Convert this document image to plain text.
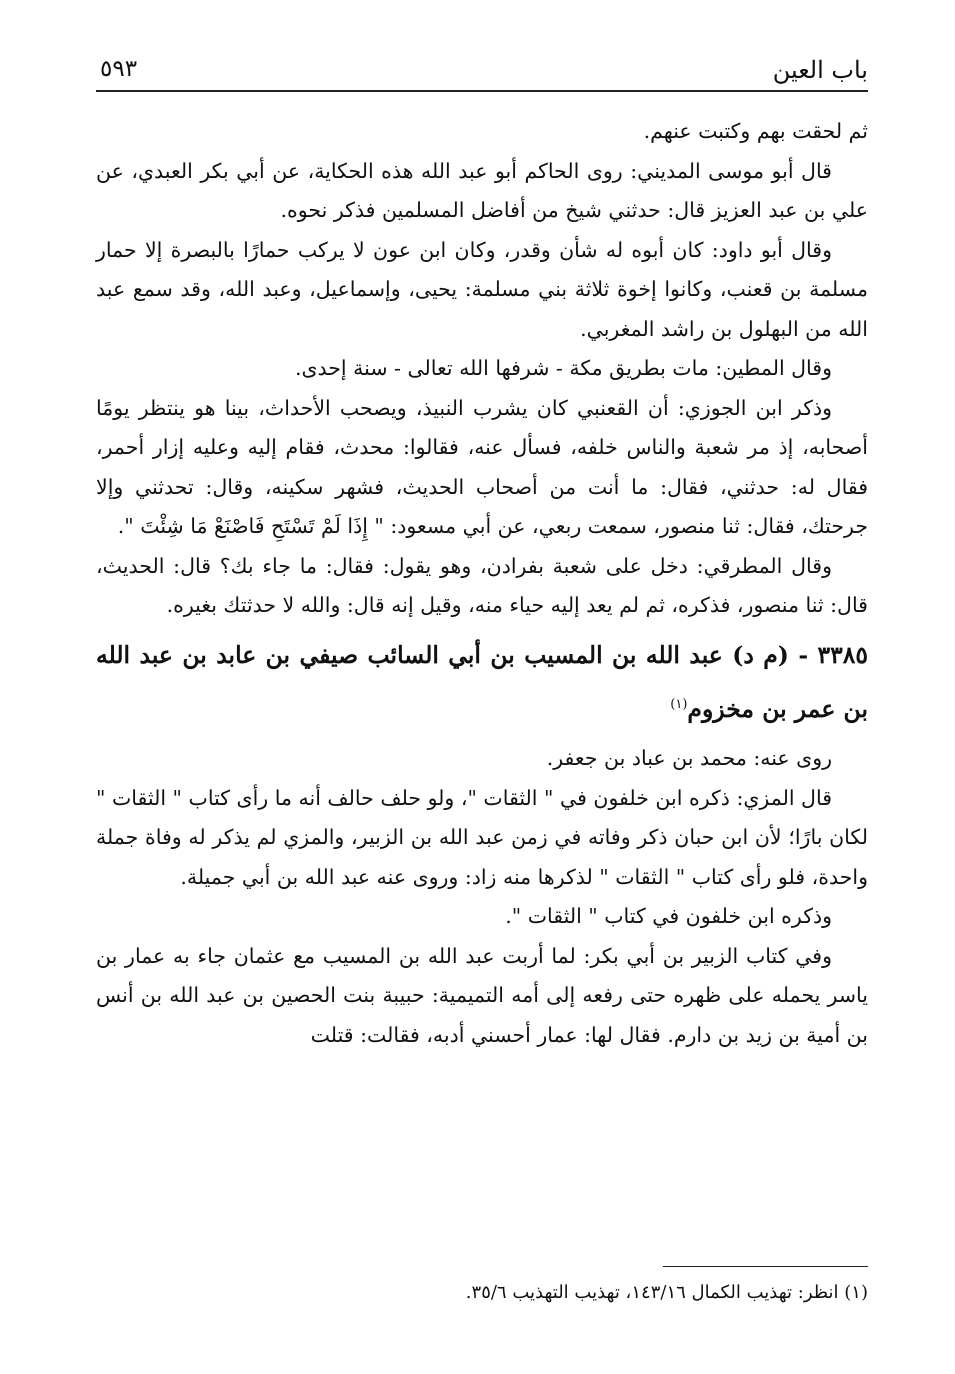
باب العين
٥٩٣

ثم لحقت بهم وكتبت عنهم.

قال أبو موسى المديني: روى الحاكم أبو عبد الله هذه الحكاية، عن أبي بكر العبدي، عن علي بن عبد العزيز قال: حدثني شيخ من أفاضل المسلمين فذكر نحوه.

وقال أبو داود: كان أبوه له شأن وقدر، وكان ابن عون لا يركب حمارًا بالبصرة إلا حمار مسلمة بن قعنب، وكانوا إخوة ثلاثة بني مسلمة: يحيى، وإسماعيل، وعبد الله، وقد سمع عبد الله من البهلول بن راشد المغربي.

وقال المطين: مات بطريق مكة - شرفها الله تعالى - سنة إحدى.

وذكر ابن الجوزي: أن القعنبي كان يشرب النبيذ، ويصحب الأحداث، بينا هو ينتظر يومًا أصحابه، إذ مر شعبة والناس خلفه، فسأل عنه، فقالوا: محدث، فقام إليه وعليه إزار أحمر، فقال له: حدثني، فقال: ما أنت من أصحاب الحديث، فشهر سكينه، وقال: تحدثني وإلا جرحتك، فقال: ثنا منصور، سمعت ربعي، عن أبي مسعود: " إِذَا لَمْ تَسْتَحِ فَاصْنَعْ مَا شِئْتَ ".

وقال المطرقي: دخل على شعبة بفرادن، وهو يقول: فقال: ما جاء بك؟ قال: الحديث، قال: ثنا منصور، فذكره، ثم لم يعد إليه حياء منه، وقيل إنه قال: والله لا حدثتك بغيره.

٣٣٨٥ - (م د) عبد الله بن المسيب بن أبي السائب صيفي بن عابد بن عبد الله بن عمر بن مخزوم$^{(١)}$

روى عنه: محمد بن عباد بن جعفر.

قال المزي: ذكره ابن خلفون في " الثقات "، ولو حلف حالف أنه ما رأى كتاب " الثقات " لكان بارًا؛ لأن ابن حبان ذكر وفاته في زمن عبد الله بن الزبير، والمزي لم يذكر له وفاة جملة واحدة، فلو رأى كتاب " الثقات " لذكرها منه زاد: وروى عنه عبد الله بن أبي جميلة.

وذكره ابن خلفون في كتاب " الثقات ".

وفي كتاب الزبير بن أبي بكر: لما أربت عبد الله بن المسيب مع عثمان جاء به عمار بن ياسر يحمله على ظهره حتى رفعه إلى أمه التميمية: حبيبة بنت الحصين بن عبد الله بن أنس بن أمية بن زيد بن دارم. فقال لها: عمار أحسني أدبه، فقالت: قتلت

(١) انظر: تهذيب الكمال ١٤٣/١٦، تهذيب التهذيب ٣٥/٦.
